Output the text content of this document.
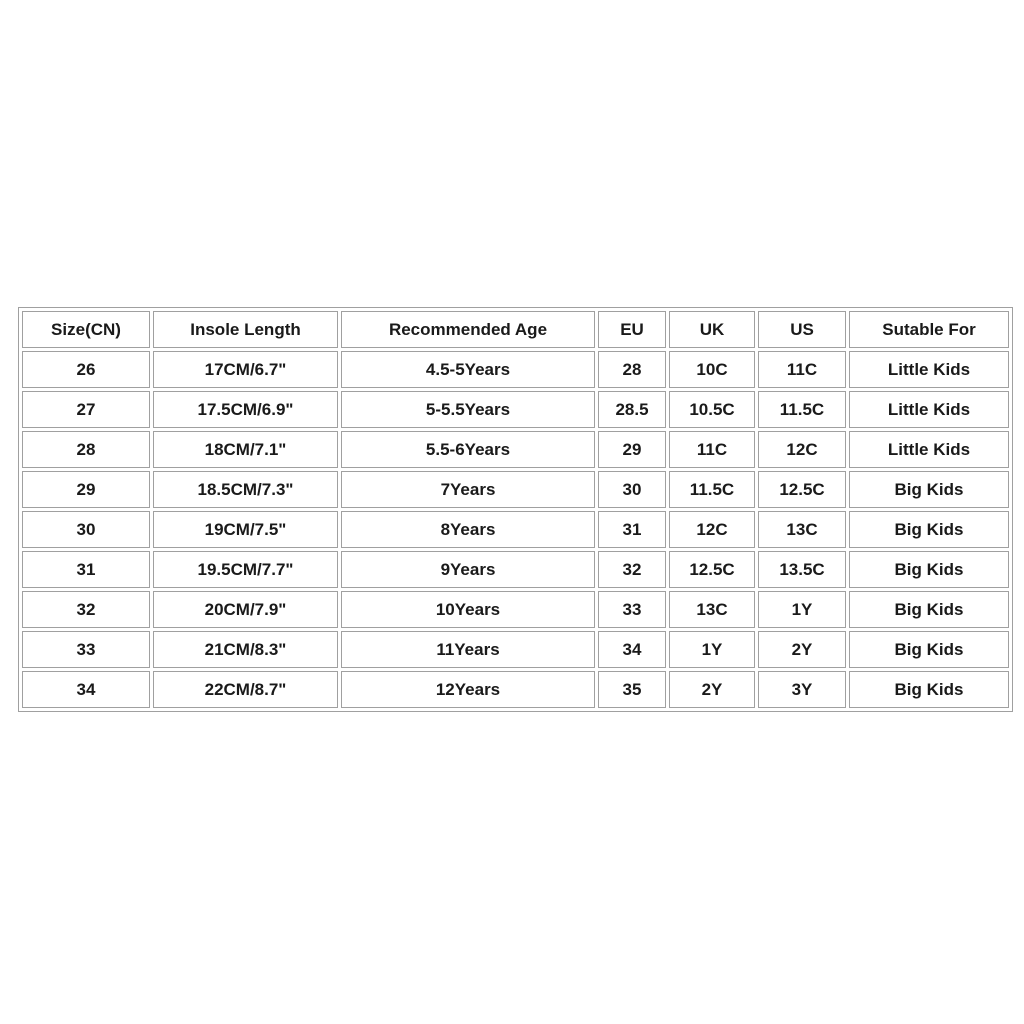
Size(CN)	Insole Length	Recommended Age	EU	UK	US	Sutable For
26	17CM/6.7"	4.5-5Years	28	10C	11C	Little Kids
27	17.5CM/6.9"	5-5.5Years	28.5	10.5C	11.5C	Little Kids
28	18CM/7.1"	5.5-6Years	29	11C	12C	Little Kids
29	18.5CM/7.3"	7Years	30	11.5C	12.5C	Big Kids
30	19CM/7.5"	8Years	31	12C	13C	Big Kids
31	19.5CM/7.7"	9Years	32	12.5C	13.5C	Big Kids
32	20CM/7.9"	10Years	33	13C	1Y	Big Kids
33	21CM/8.3"	11Years	34	1Y	2Y	Big Kids
34	22CM/8.7"	12Years	35	2Y	3Y	Big Kids
